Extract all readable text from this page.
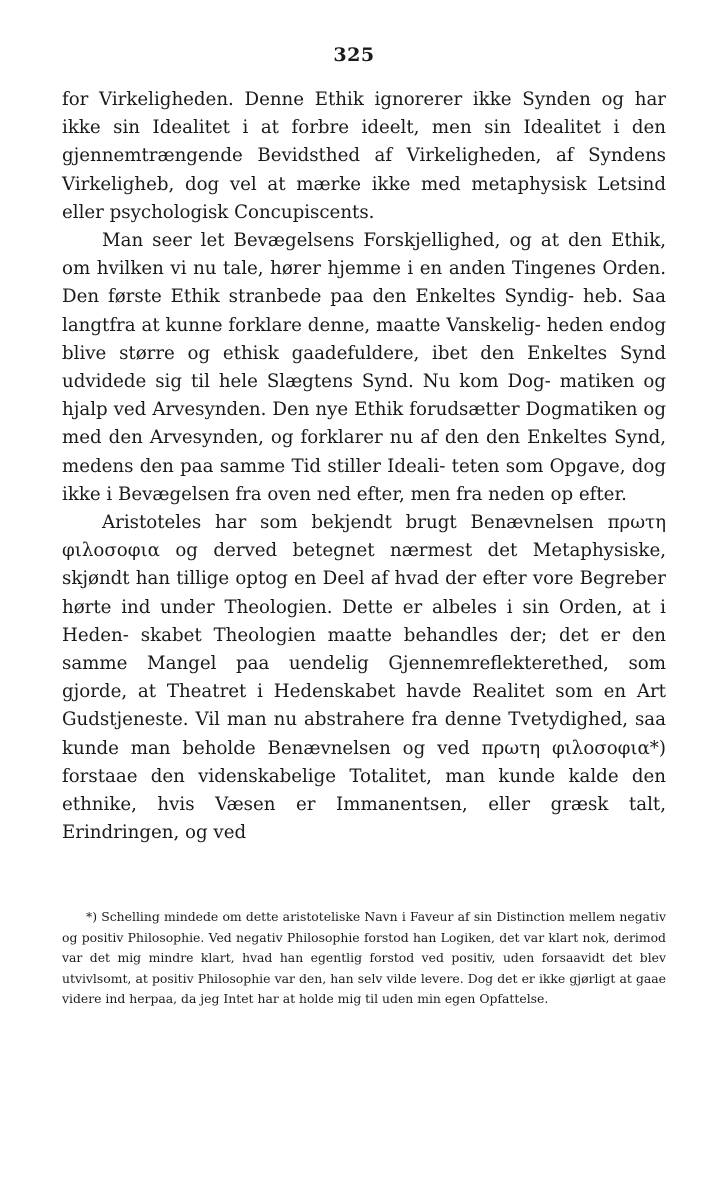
325

for Virkeligheden. Denne Ethik ignorerer ikke Synden og har ikke sin Idealitet i at forbre ideelt, men sin Idealitet i den gjennemtrængende Bevidsthed af Virkeligheden, af Syndens Virkeligheb, dog vel at mærke ikke med metaphysisk Letsind eller psychologisk Concupiscents.

Man seer let Bevægelsens Forskjellighed, og at den Ethik, om hvilken vi nu tale, hører hjemme i en anden Tingenes Orden. Den første Ethik stranbede paa den Enkeltes Syndig- heb. Saa langtfra at kunne forklare denne, maatte Vanskelig- heden endog blive større og ethisk gaadefuldere, ibet den Enkeltes Synd udvidede sig til hele Slægtens Synd. Nu kom Dog- matiken og hjalp ved Arvesynden. Den nye Ethik forudsætter Dogmatiken og med den Arvesynden, og forklarer nu af den den Enkeltes Synd, medens den paa samme Tid stiller Ideali- teten som Opgave, dog ikke i Bevægelsen fra oven ned efter, men fra neden op efter.

Aristoteles har som bekjendt brugt Benævnelsen πρωτη φιλοσοφια og derved betegnet nærmest det Metaphysiske, skjøndt han tillige optog en Deel af hvad der efter vore Begreber hørte ind under Theologien. Dette er albeles i sin Orden, at i Heden- skabet Theologien maatte behandles der; det er den samme Mangel paa uendelig Gjennemreflekterethed, som gjorde, at Theatret i Hedenskabet havde Realitet som en Art Gudstjeneste. Vil man nu abstrahere fra denne Tvetydighed, saa kunde man beholde Benævnelsen og ved πρωτη φιλοσοφια*) forstaae den videnskabelige Totalitet, man kunde kalde den ethnike, hvis Væsen er Immanentsen, eller græsk talt, Erindringen, og ved

*) Schelling mindede om dette aristoteliske Navn i Faveur af sin Distinction mellem negativ og positiv Philosophie. Ved negativ Philosophie forstod han Logiken, det var klart nok, derimod var det mig mindre klart, hvad han egentlig forstod ved positiv, uden forsaavidt det blev utvivlsomt, at positiv Philosophie var den, han selv vilde levere. Dog det er ikke gjørligt at gaae videre ind herpaa, da jeg Intet har at holde mig til uden min egen Opfattelse.
